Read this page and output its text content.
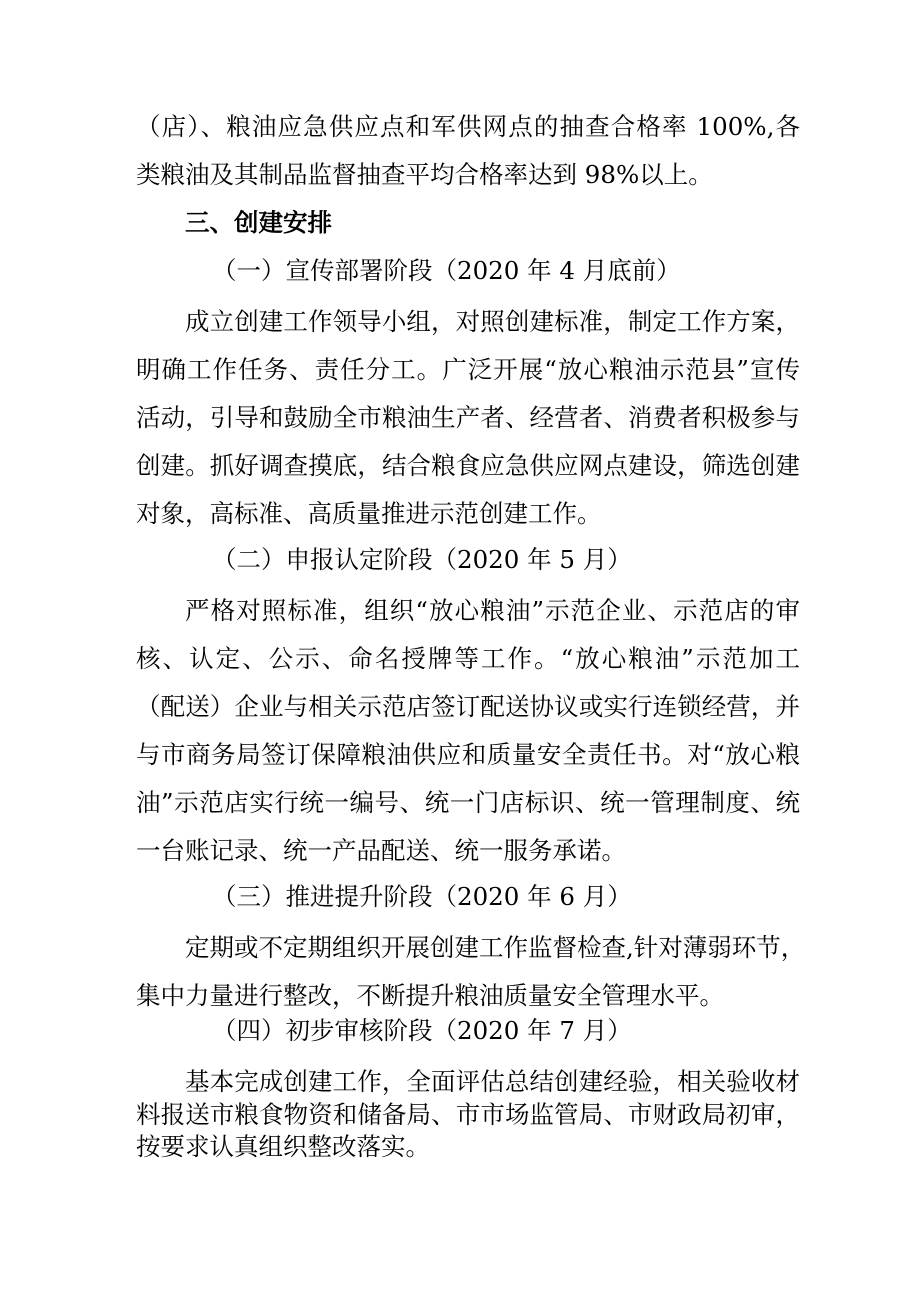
（店）、粮油应急供应点和军供网点的抽查合格率 100%,各
类粮油及其制品监督抽查平均合格率达到 98%以上。
三、创建安排
（一）宣传部署阶段（2020 年 4 月底前）
成立创建工作领导小组，对照创建标准，制定工作方案，
明确工作任务、责任分工。广泛开展“放心粮油示范县”宣传
活动，引导和鼓励全市粮油生产者、经营者、消费者积极参与
创建。抓好调查摸底，结合粮食应急供应网点建设，筛选创建
对象，高标准、高质量推进示范创建工作。
（二）申报认定阶段（2020 年 5 月）
严格对照标准，组织“放心粮油”示范企业、示范店的审
核、认定、公示、命名授牌等工作。“放心粮油”示范加工
（配送）企业与相关示范店签订配送协议或实行连锁经营，并
与市商务局签订保障粮油供应和质量安全责任书。对“放心粮
油”示范店实行统一编号、统一门店标识、统一管理制度、统
一台账记录、统一产品配送、统一服务承诺。
（三）推进提升阶段（2020 年 6 月）
定期或不定期组织开展创建工作监督检查,针对薄弱环节，
集中力量进行整改，不断提升粮油质量安全管理水平。
（四）初步审核阶段（2020 年 7 月）
基本完成创建工作，全面评估总结创建经验，相关验收材
料报送市粮食物资和储备局、市市场监管局、市财政局初审，
按要求认真组织整改落实。
